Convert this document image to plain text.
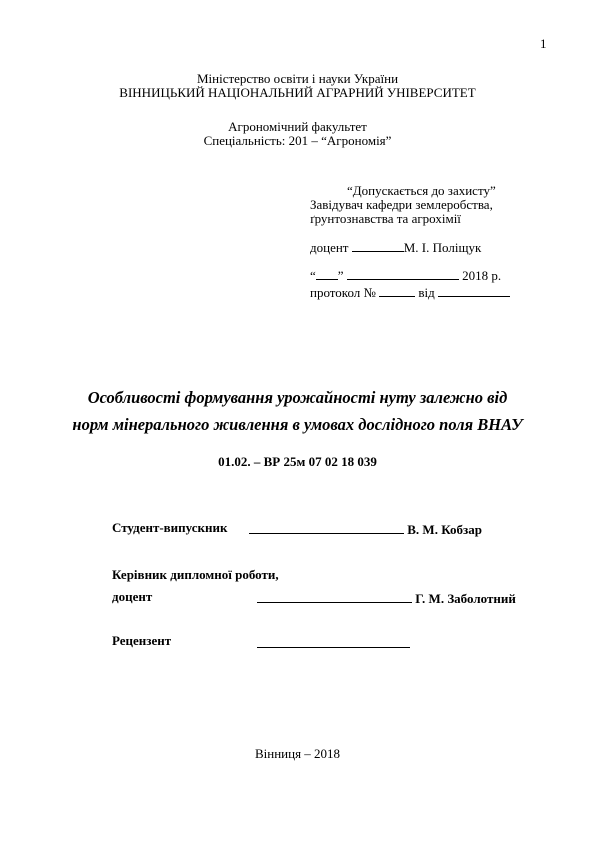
1
Міністерство освіти і науки України
ВІННИЦЬКИЙ НАЦІОНАЛЬНИЙ АГРАРНИЙ УНІВЕРСИТЕТ
Агрономічний факультет
Спеціальність: 201 – “Агрономія”
“Допускається до захисту”
Завідувач кафедри землеробства,
ґрунтознавства та агрохімії
доцент	М. І. Поліщук
“ ”	2018 р.
протокол №	від
Особливості формування урожайності нуту залежно від
норм мінерального живлення в умовах дослідного поля ВНАУ
01.02. – ВР 25м 07 02 18 039
Студент-випускник	В. М. Кобзар
Керівник дипломної роботи,
доцент	Г. М. Заболотний
Рецензент
Вінниця – 2018
